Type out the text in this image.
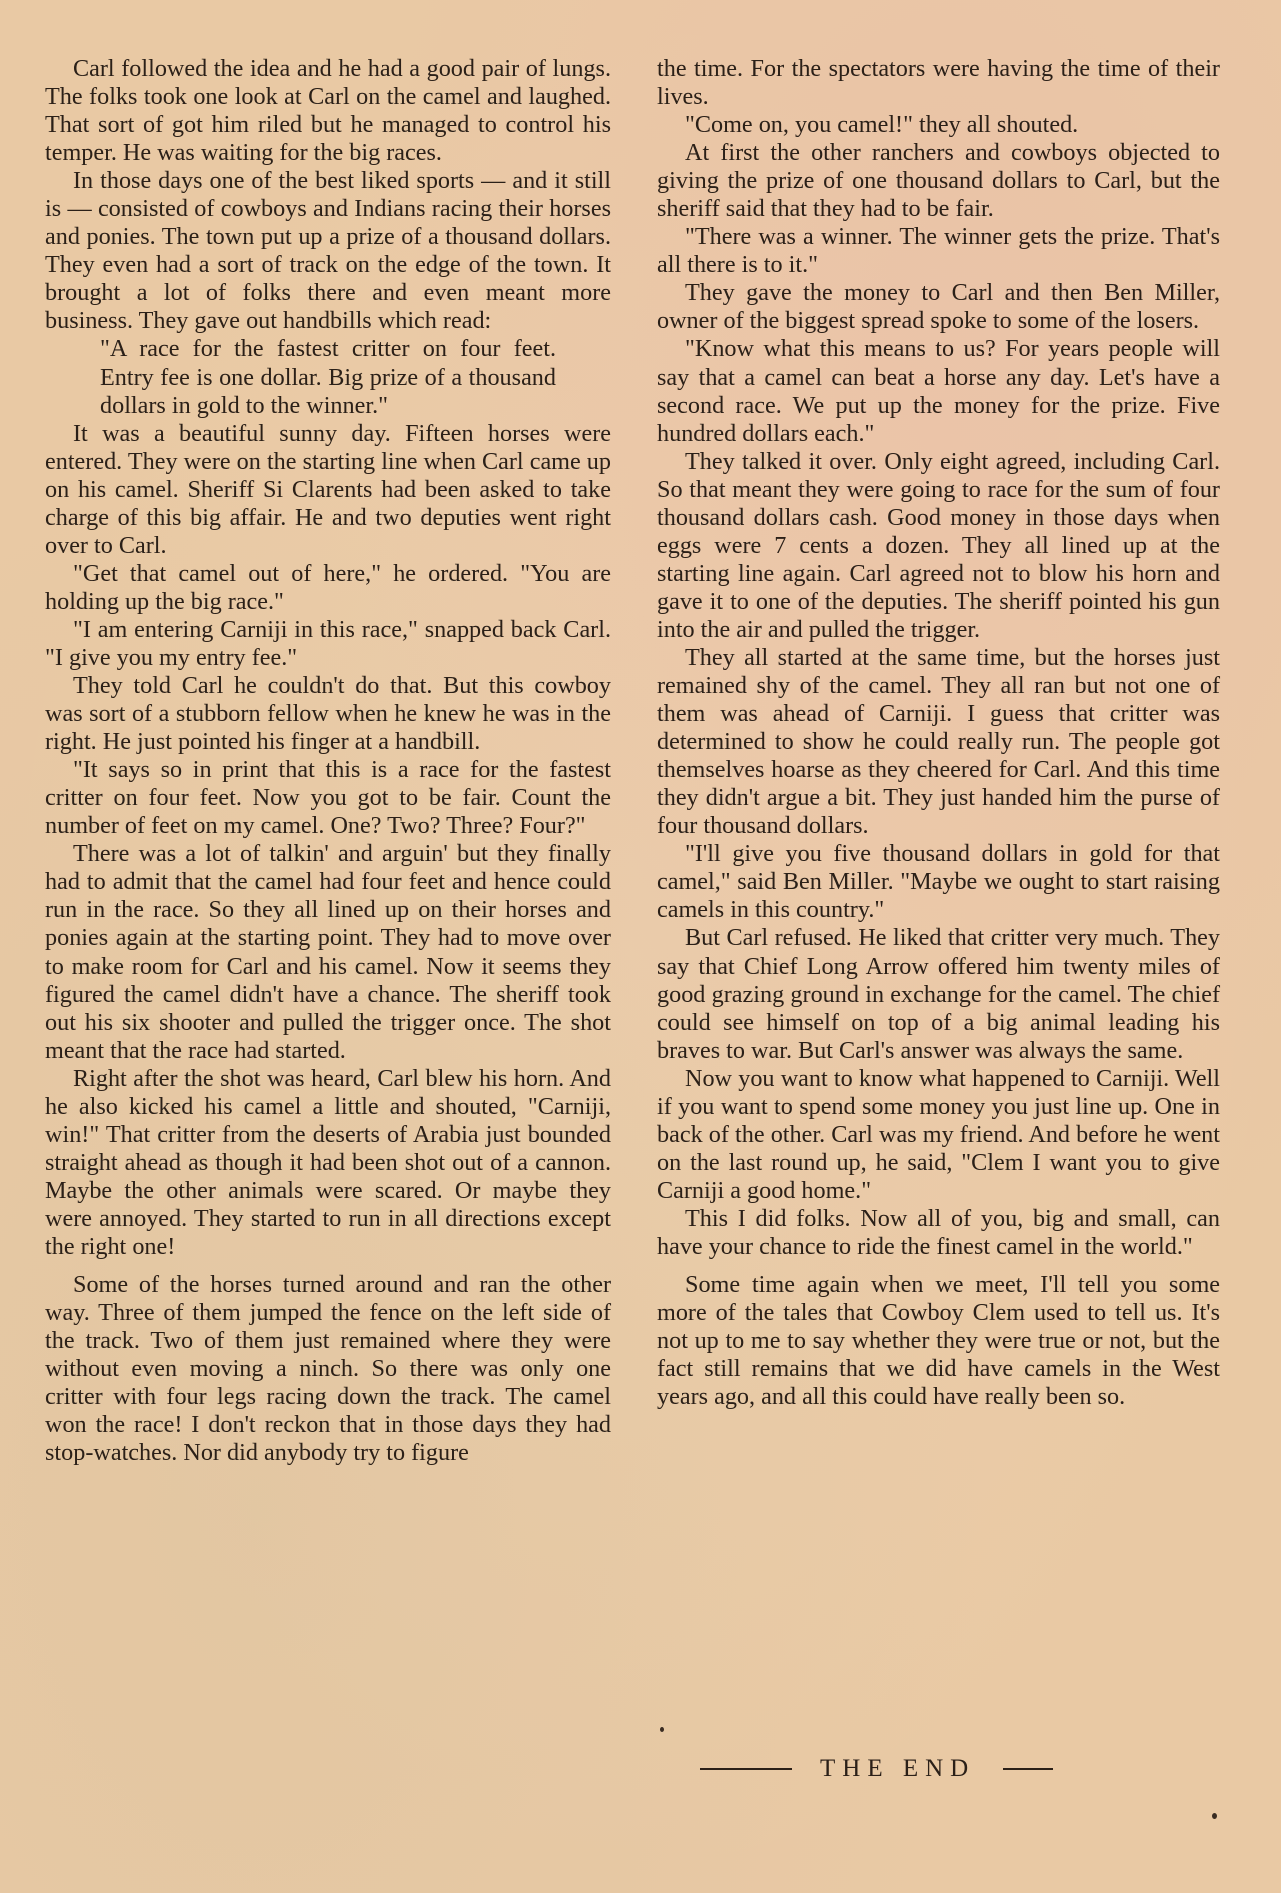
Carl followed the idea and he had a good pair of lungs. The folks took one look at Carl on the camel and laughed. That sort of got him riled but he managed to control his temper. He was waiting for the big races.

In those days one of the best liked sports — and it still is — consisted of cowboys and Indians racing their horses and ponies. The town put up a prize of a thousand dollars. They even had a sort of track on the edge of the town. It brought a lot of folks there and even meant more business. They gave out handbills which read:

"A race for the fastest critter on four feet. Entry fee is one dollar. Big prize of a thousand dollars in gold to the winner."

It was a beautiful sunny day. Fifteen horses were entered. They were on the starting line when Carl came up on his camel. Sheriff Si Clarents had been asked to take charge of this big affair. He and two deputies went right over to Carl.

"Get that camel out of here," he ordered. "You are holding up the big race."

"I am entering Carniji in this race," snapped back Carl. "I give you my entry fee."

They told Carl he couldn't do that. But this cowboy was sort of a stubborn fellow when he knew he was in the right. He just pointed his finger at a handbill.

"It says so in print that this is a race for the fastest critter on four feet. Now you got to be fair. Count the number of feet on my camel. One? Two? Three? Four?"

There was a lot of talkin' and arguin' but they finally had to admit that the camel had four feet and hence could run in the race. So they all lined up on their horses and ponies again at the starting point. They had to move over to make room for Carl and his camel. Now it seems they figured the camel didn't have a chance. The sheriff took out his six shooter and pulled the trigger once. The shot meant that the race had started.

Right after the shot was heard, Carl blew his horn. And he also kicked his camel a little and shouted, "Carniji, win!" That critter from the deserts of Arabia just bounded straight ahead as though it had been shot out of a cannon. Maybe the other animals were scared. Or maybe they were annoyed. They started to run in all directions except the right one!

Some of the horses turned around and ran the other way. Three of them jumped the fence on the left side of the track. Two of them just remained where they were without even moving a ninch. So there was only one critter with four legs racing down the track. The camel won the race! I don't reckon that in those days they had stop-watches. Nor did anybody try to figure

the time. For the spectators were having the time of their lives.

"Come on, you camel!" they all shouted.

At first the other ranchers and cowboys objected to giving the prize of one thousand dollars to Carl, but the sheriff said that they had to be fair.

"There was a winner. The winner gets the prize. That's all there is to it."

They gave the money to Carl and then Ben Miller, owner of the biggest spread spoke to some of the losers.

"Know what this means to us? For years people will say that a camel can beat a horse any day. Let's have a second race. We put up the money for the prize. Five hundred dollars each."

They talked it over. Only eight agreed, including Carl. So that meant they were going to race for the sum of four thousand dollars cash. Good money in those days when eggs were 7 cents a dozen. They all lined up at the starting line again. Carl agreed not to blow his horn and gave it to one of the deputies. The sheriff pointed his gun into the air and pulled the trigger.

They all started at the same time, but the horses just remained shy of the camel. They all ran but not one of them was ahead of Carniji. I guess that critter was determined to show he could really run. The people got themselves hoarse as they cheered for Carl. And this time they didn't argue a bit. They just handed him the purse of four thousand dollars.

"I'll give you five thousand dollars in gold for that camel," said Ben Miller. "Maybe we ought to start raising camels in this country."

But Carl refused. He liked that critter very much. They say that Chief Long Arrow offered him twenty miles of good grazing ground in exchange for the camel. The chief could see himself on top of a big animal leading his braves to war. But Carl's answer was always the same.

Now you want to know what happened to Carniji. Well if you want to spend some money you just line up. One in back of the other. Carl was my friend. And before he went on the last round up, he said, "Clem I want you to give Carniji a good home."

This I did folks. Now all of you, big and small, can have your chance to ride the finest camel in the world."

Some time again when we meet, I'll tell you some more of the tales that Cowboy Clem used to tell us. It's not up to me to say whether they were true or not, but the fact still remains that we did have camels in the West years ago, and all this could have really been so.

THE END
